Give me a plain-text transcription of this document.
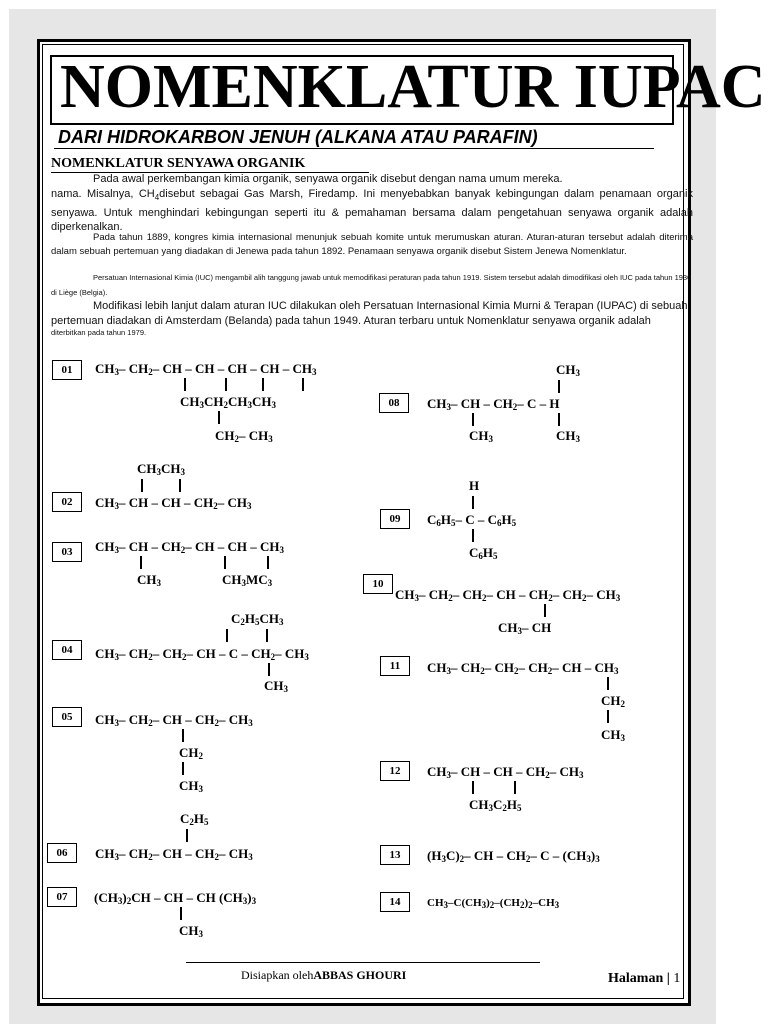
NOMENKLATUR IUPAC
DARI HIDROKARBON JENUH (ALKANA ATAU PARAFIN)
NOMENKLATUR SENYAWA ORGANIK

Pada awal perkembangan kimia organik, senyawa organik disebut dengan nama umum mereka.

nama. Misalnya, $CH_4disebut$ sebagai Gas Marsh, Firedamp. Ini menyebabkan banyak kebingungan dalam penamaan organik senyawa. Untuk menghindari kebingungan seperti itu & pemahaman bersama dalam pengetahuan senyawa organik adalah diperkenalkan.

Pada tahun 1889, kongres kimia internasional menunjuk sebuah komite untuk merumuskan aturan. Aturan-aturan tersebut adalah diterima dalam sebuah pertemuan yang diadakan di Jenewa pada tahun 1892. Penamaan senyawa organik disebut Sistem Jenewa Nomenklatur.

Persatuan Internasional Kimia (IUC) mengambil alih tanggung jawab untuk memodifikasi peraturan pada tahun 1919. Sistem tersebut adalah dimodifikasi oleh IUC pada tahun 1930 di Liège (Belgia).

Modifikasi lebih lanjut dalam aturan IUC dilakukan oleh Persatuan Internasional Kimia Murni & Terapan (IUPAC) di sebuah pertemuan diadakan di Amsterdam (Belanda) pada tahun 1949. Aturan terbaru untuk Nomenklatur senyawa organik adalah

diterbitkan pada tahun 1979.

01	$CH_3-$ $CH_2-$ CH – CH – CH – CH – $CH_3$
$CH_3CH_2CH_3CH_3$
$CH_2-$ $CH_3$
02
$CH_3CH_3$
$CH_3-$ CH – CH – $CH_2-$ $CH_3$
03	$CH_3-$ CH – $CH_2-$ CH – CH – $CH_3$
$CH_3$	$CH_3MC_3$
04
$C_2H_5CH_3$
$CH_3-$ $CH_2-$ $CH_2-$ CH – C – $CH_2-$ $CH_3$
$CH_3$
05	$CH_3-$ $CH_2-$ CH – $CH_2-$ $CH_3$
$CH_2$
$CH_3$
06
$C_2H_5$
$CH_3-$ $CH_2-$ CH – $CH_2-$ $CH_3$
07	$(CH_3)_2CH$ – CH – CH $(CH_3)_3$
$CH_3$
08
$CH_3$
$CH_3-$ CH – $CH_2-$ C – H
$CH_3$	$CH_3$
09
H
$C_6H_5-$ C – $C_6H_5$
$C_6H_5$
10
$CH_3-$ $CH_2-$ $CH_2-$ CH – $CH_2-$ $CH_2-$ $CH_3$
$CH_3-$ CH
11	$CH_3-$ $CH_2-$ $CH_2-$ $CH_2-$ CH – $CH_3$
$CH_2$
$CH_3$
12	$CH_3-$ CH – CH – $CH_2-$ $CH_3$
$CH_3C_2H_5$
13	$(H_3C)_2-$ CH – $CH_2-$ C – $(CH_3)_3$
14	$CH_3-C(CH_3)_2-(CH_2)_2-CH_3$
Disiapkan olehABBAS GHOURI	Halaman | 1
